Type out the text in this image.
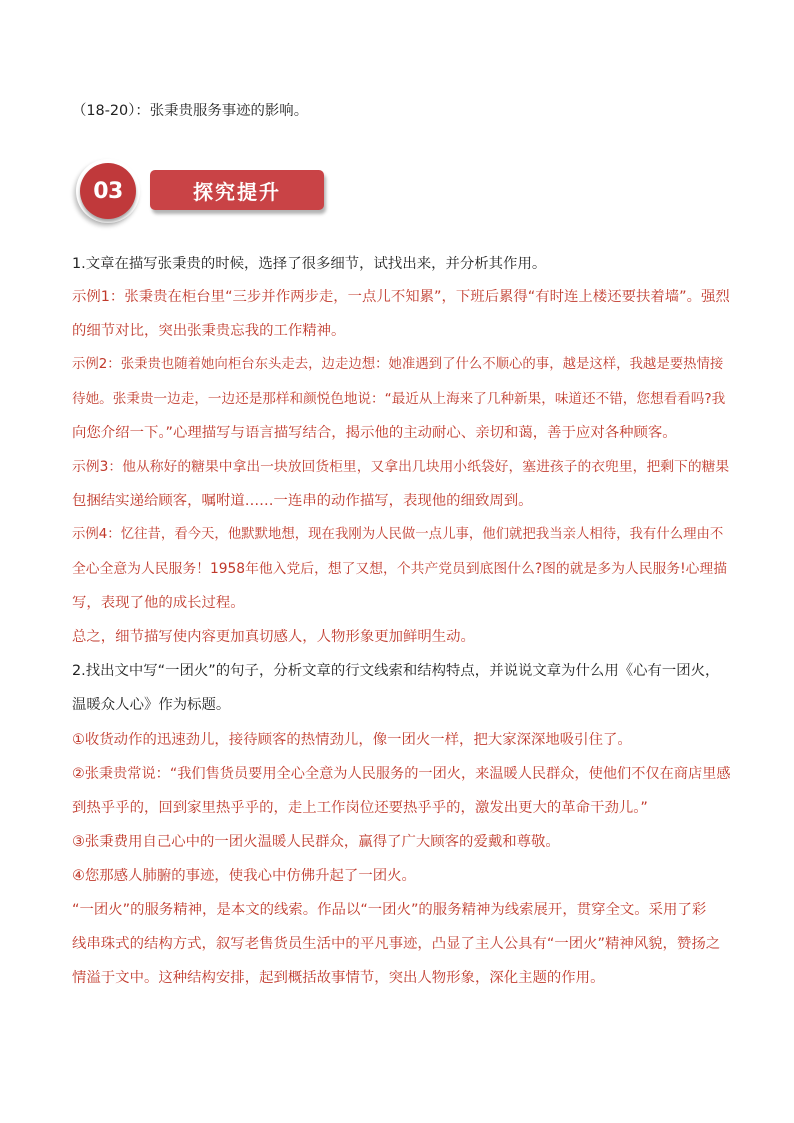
（18-20）：张秉贵服务事迹的影响。
03	探究提升
1.文章在描写张秉贵的时候，选择了很多细节，试找出来，并分析其作用。
示例1：张秉贵在柜台里“三步并作两步走，一点儿不知累”，下班后累得“有时连上楼还要扶着墙”。强烈
的细节对比，突出张秉贵忘我的工作精神。
示例2：张秉贵也随着她向柜台东头走去，边走边想：她准遇到了什么不顺心的事，越是这样，我越是要热情接
待她。张秉贵一边走，一边还是那样和颜悦色地说：“最近从上海来了几种新果，味道还不错，您想看看吗?我
向您介绍一下。”心理描写与语言描写结合，揭示他的主动耐心、亲切和蔼，善于应对各种顾客。
示例3：他从称好的糖果中拿出一块放回货柜里，又拿出几块用小纸袋好，塞进孩子的衣兜里，把剩下的糖果
包捆结实递给顾客，嘱咐道……一连串的动作描写，表现他的细致周到。
示例4：忆往昔，看今天，他默默地想，现在我刚为人民做一点儿事，他们就把我当亲人相待，我有什么理由不
全心全意为人民服务！1958年他入党后，想了又想，个共产党员到底图什么?图的就是多为人民服务!心理描
写，表现了他的成长过程。
总之，细节描写使内容更加真切感人，人物形象更加鲜明生动。
2.找出文中写“一团火”的句子，分析文章的行文线索和结构特点，并说说文章为什么用《心有一团火，
温暖众人心》作为标题。
①收货动作的迅速劲儿，接待顾客的热情劲儿，像一团火一样，把大家深深地吸引住了。
②张秉贵常说：“我们售货员要用全心全意为人民服务的一团火，来温暖人民群众，使他们不仅在商店里感
到热乎乎的，回到家里热乎乎的，走上工作岗位还要热乎乎的，激发出更大的革命干劲儿。”
③张秉费用自己心中的一团火温暖人民群众，赢得了广大顾客的爱戴和尊敬。
④您那感人肺腑的事迹，使我心中仿佛升起了一团火。
“一团火”的服务精神，是本文的线索。作品以“一团火”的服务精神为线索展开，贯穿全文。采用了彩
线串珠式的结构方式，叙写老售货员生活中的平凡事迹，凸显了主人公具有“一团火”精神风貌，赞扬之
情溢于文中。这种结构安排，起到概括故事情节，突出人物形象，深化主题的作用。
